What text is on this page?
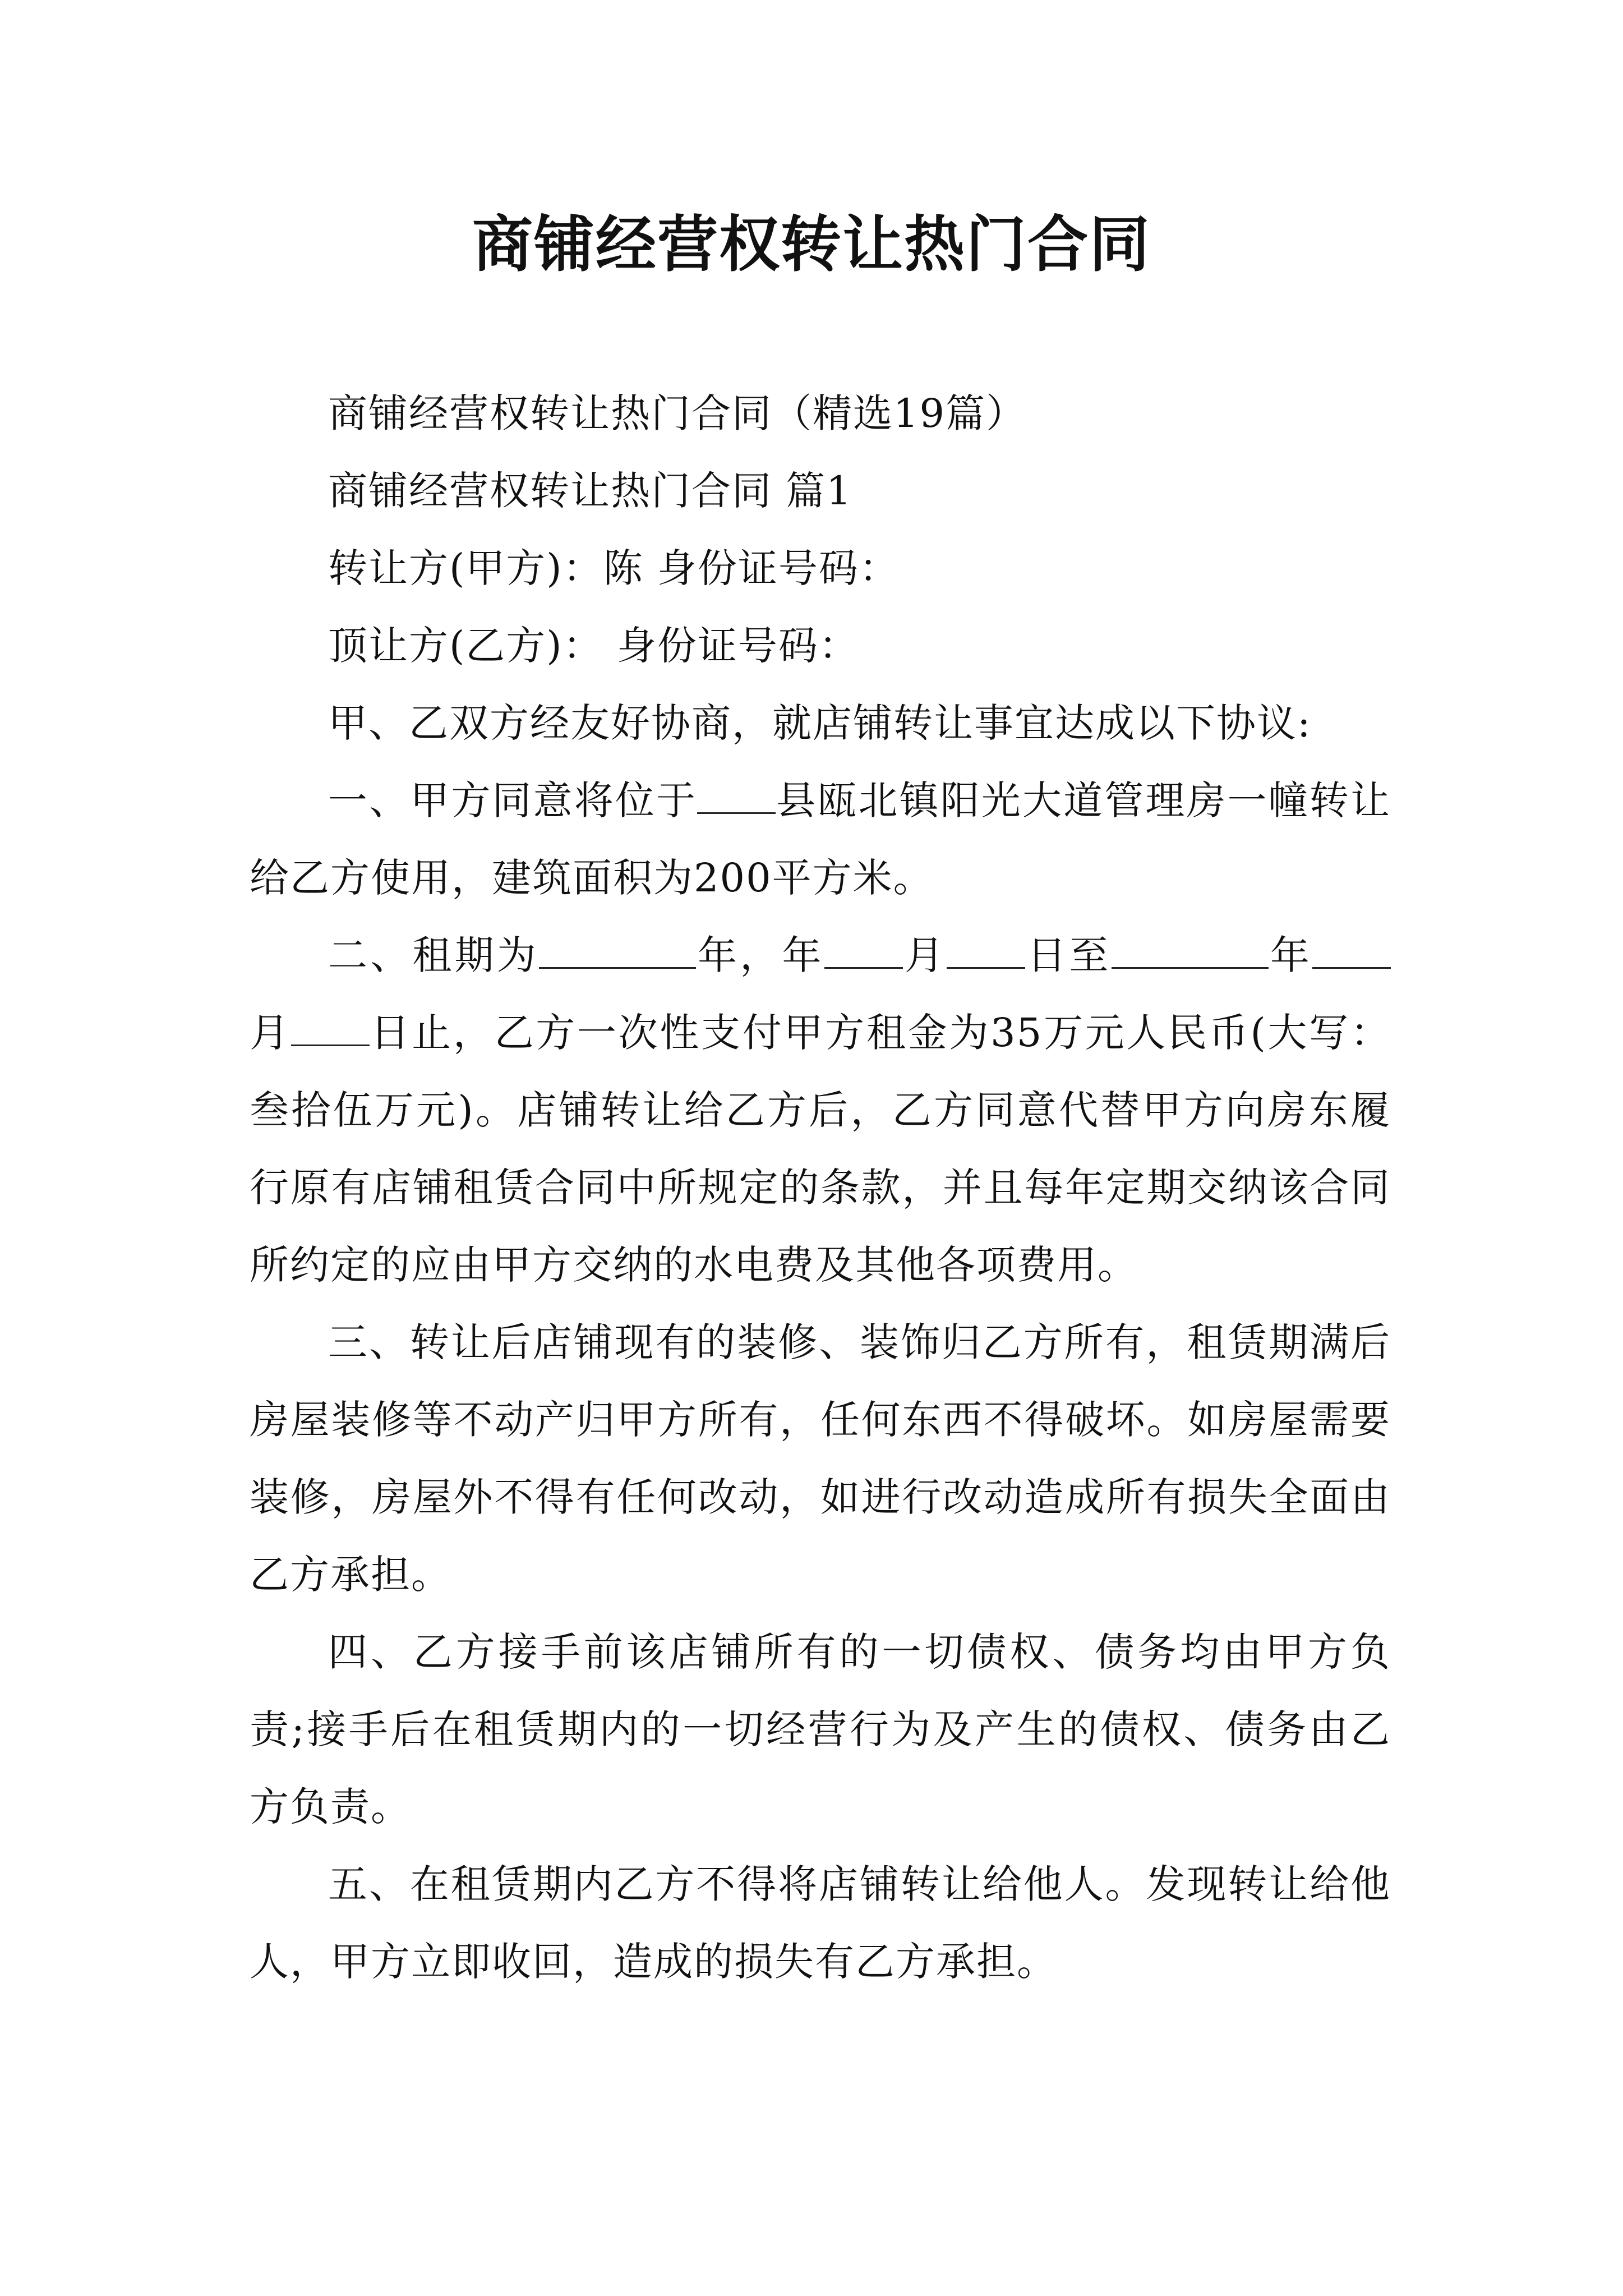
商铺经营权转让热门合同

商铺经营权转让热门合同（精选19篇）

商铺经营权转让热门合同 篇1

转让方(甲方)：陈 身份证号码：

顶让方(乙方)： 身份证号码：

甲、乙双方经友好协商，就店铺转让事宜达成以下协议:

一、甲方同意将位于 县瓯北镇阳光大道管理房一幢转让给乙方使用，建筑面积为200平方米。

二、租期为	年，年 月 日至	年月 日止，乙方一次性支付甲方租金为35万元人民币(大写：叁拾伍万元)。店铺转让给乙方后，乙方同意代替甲方向房东履行原有店铺租赁合同中所规定的条款，并且每年定期交纳该合同所约定的应由甲方交纳的水电费及其他各项费用。

三、转让后店铺现有的装修、装饰归乙方所有，租赁期满后房屋装修等不动产归甲方所有，任何东西不得破坏。如房屋需要装修，房屋外不得有任何改动，如进行改动造成所有损失全面由乙方承担。

四、乙方接手前该店铺所有的一切债权、债务均由甲方负责;接手后在租赁期内的一切经营行为及产生的债权、债务由乙方负责。

五、在租赁期内乙方不得将店铺转让给他人。发现转让给他人，甲方立即收回，造成的损失有乙方承担。
